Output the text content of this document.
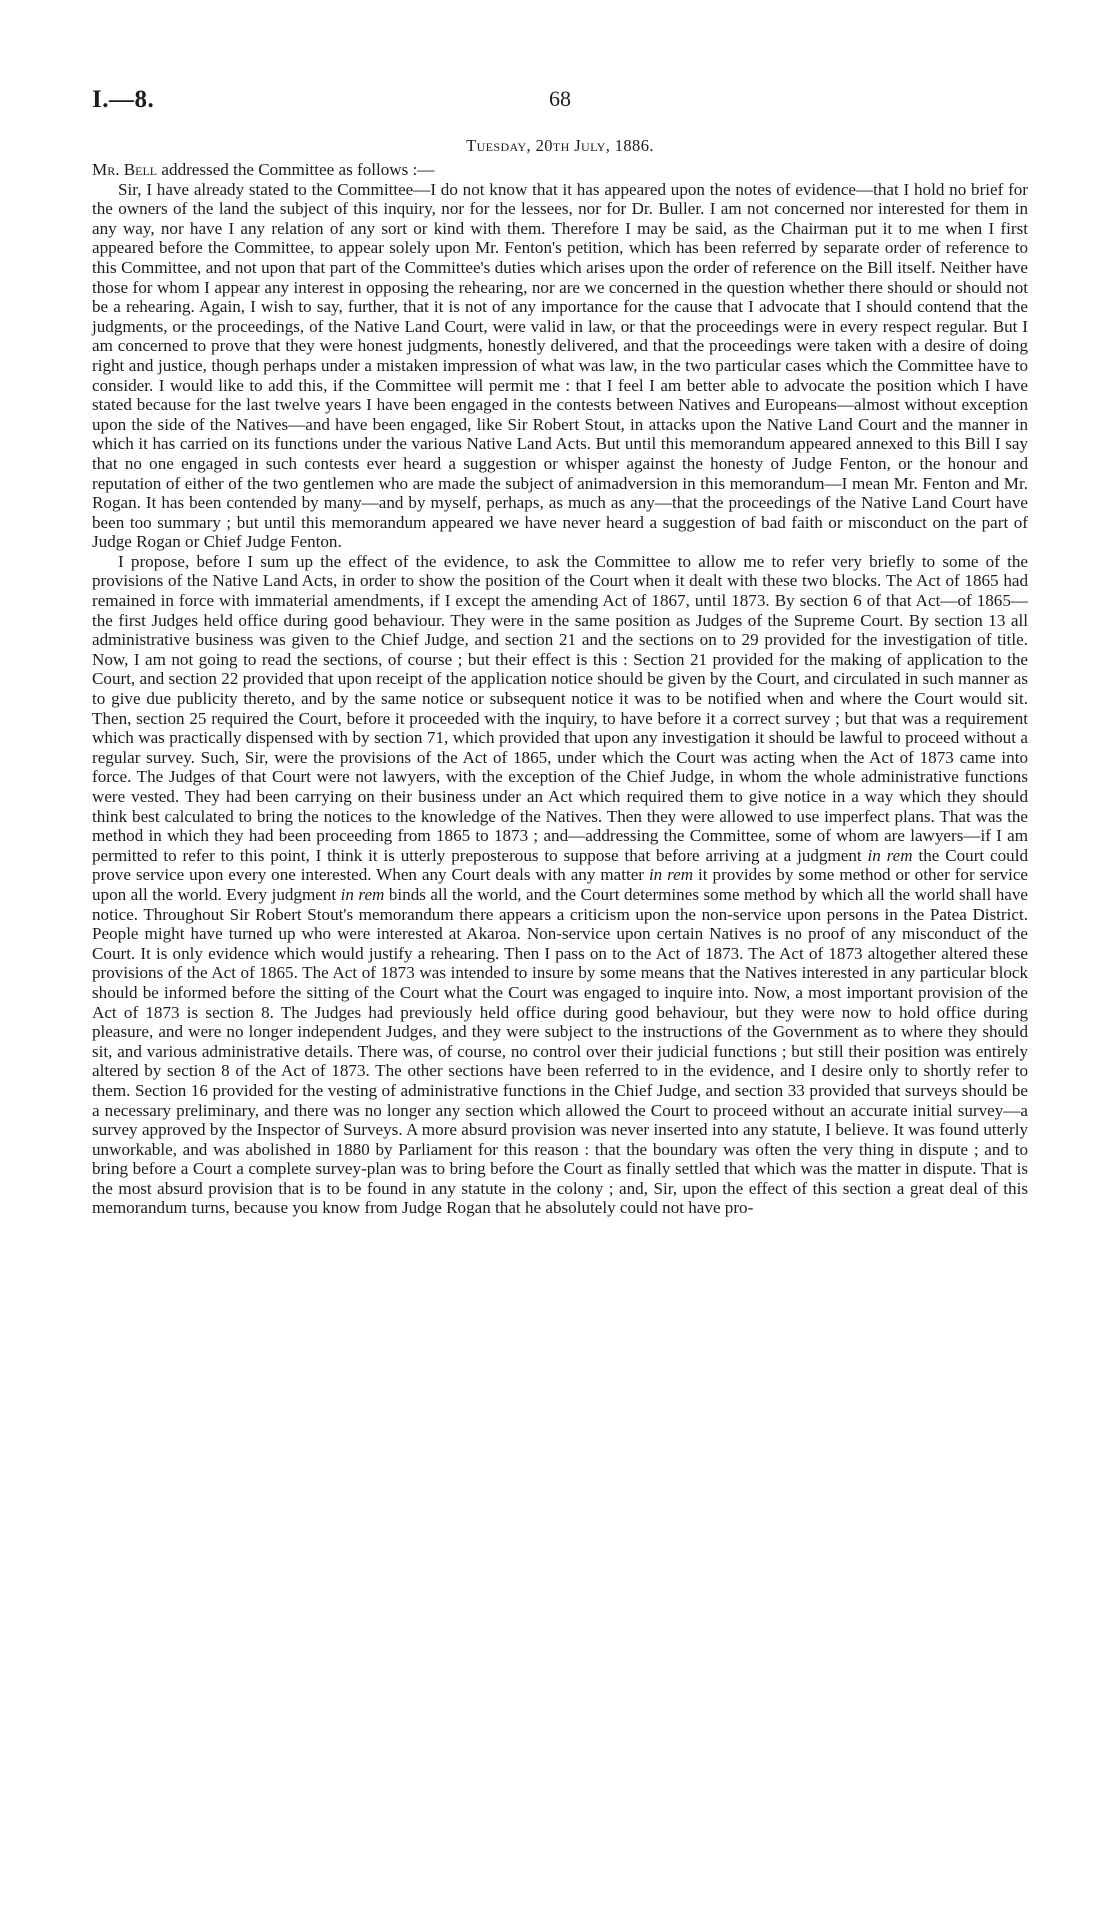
I.—8.	68
Tuesday, 20th July, 1886.

Mr. Bell addressed the Committee as follows :—

Sir, I have already stated to the Committee—I do not know that it has appeared upon the notes of evidence—that I hold no brief for the owners of the land the subject of this inquiry, nor for the lessees, nor for Dr. Buller. I am not concerned nor interested for them in any way, nor have I any relation of any sort or kind with them. Therefore I may be said, as the Chairman put it to me when I first appeared before the Committee, to appear solely upon Mr. Fenton's petition, which has been referred by separate order of reference to this Committee, and not upon that part of the Committee's duties which arises upon the order of reference on the Bill itself. Neither have those for whom I appear any interest in opposing the rehearing, nor are we concerned in the question whether there should or should not be a rehearing. Again, I wish to say, further, that it is not of any importance for the cause that I advocate that I should contend that the judgments, or the proceedings, of the Native Land Court, were valid in law, or that the proceedings were in every respect regular. But I am concerned to prove that they were honest judgments, honestly delivered, and that the proceedings were taken with a desire of doing right and justice, though perhaps under a mistaken impression of what was law, in the two particular cases which the Committee have to consider. I would like to add this, if the Committee will permit me : that I feel I am better able to advocate the position which I have stated because for the last twelve years I have been engaged in the contests between Natives and Europeans—almost without exception upon the side of the Natives—and have been engaged, like Sir Robert Stout, in attacks upon the Native Land Court and the manner in which it has carried on its functions under the various Native Land Acts. But until this memorandum appeared annexed to this Bill I say that no one engaged in such contests ever heard a suggestion or whisper against the honesty of Judge Fenton, or the honour and reputation of either of the two gentlemen who are made the subject of animadversion in this memorandum—I mean Mr. Fenton and Mr. Rogan. It has been contended by many—and by myself, perhaps, as much as any—that the proceedings of the Native Land Court have been too summary ; but until this memorandum appeared we have never heard a suggestion of bad faith or misconduct on the part of Judge Rogan or Chief Judge Fenton.

I propose, before I sum up the effect of the evidence, to ask the Committee to allow me to refer very briefly to some of the provisions of the Native Land Acts, in order to show the position of the Court when it dealt with these two blocks. The Act of 1865 had remained in force with immaterial amendments, if I except the amending Act of 1867, until 1873. By section 6 of that Act—of 1865—the first Judges held office during good behaviour. They were in the same position as Judges of the Supreme Court. By section 13 all administrative business was given to the Chief Judge, and section 21 and the sections on to 29 provided for the investigation of title. Now, I am not going to read the sections, of course ; but their effect is this : Section 21 provided for the making of application to the Court, and section 22 provided that upon receipt of the application notice should be given by the Court, and circulated in such manner as to give due publicity thereto, and by the same notice or subsequent notice it was to be notified when and where the Court would sit. Then, section 25 required the Court, before it proceeded with the inquiry, to have before it a correct survey ; but that was a requirement which was practically dispensed with by section 71, which provided that upon any investigation it should be lawful to proceed without a regular survey. Such, Sir, were the provisions of the Act of 1865, under which the Court was acting when the Act of 1873 came into force. The Judges of that Court were not lawyers, with the exception of the Chief Judge, in whom the whole administrative functions were vested. They had been carrying on their business under an Act which required them to give notice in a way which they should think best calculated to bring the notices to the knowledge of the Natives. Then they were allowed to use imperfect plans. That was the method in which they had been proceeding from 1865 to 1873 ; and—addressing the Committee, some of whom are lawyers—if I am permitted to refer to this point, I think it is utterly preposterous to suppose that before arriving at a judgment in rem the Court could prove service upon every one interested. When any Court deals with any matter in rem it provides by some method or other for service upon all the world. Every judgment in rem binds all the world, and the Court determines some method by which all the world shall have notice. Throughout Sir Robert Stout's memorandum there appears a criticism upon the non-service upon persons in the Patea District. People might have turned up who were interested at Akaroa. Non-service upon certain Natives is no proof of any misconduct of the Court. It is only evidence which would justify a rehearing. Then I pass on to the Act of 1873. The Act of 1873 altogether altered these provisions of the Act of 1865. The Act of 1873 was intended to insure by some means that the Natives interested in any particular block should be informed before the sitting of the Court what the Court was engaged to inquire into. Now, a most important provision of the Act of 1873 is section 8. The Judges had previously held office during good behaviour, but they were now to hold office during pleasure, and were no longer independent Judges, and they were subject to the instructions of the Government as to where they should sit, and various administrative details. There was, of course, no control over their judicial functions ; but still their position was entirely altered by section 8 of the Act of 1873. The other sections have been referred to in the evidence, and I desire only to shortly refer to them. Section 16 provided for the vesting of administrative functions in the Chief Judge, and section 33 provided that surveys should be a necessary preliminary, and there was no longer any section which allowed the Court to proceed without an accurate initial survey—a survey approved by the Inspector of Surveys. A more absurd provision was never inserted into any statute, I believe. It was found utterly unworkable, and was abolished in 1880 by Parliament for this reason : that the boundary was often the very thing in dispute ; and to bring before a Court a complete survey-plan was to bring before the Court as finally settled that which was the matter in dispute. That is the most absurd provision that is to be found in any statute in the colony ; and, Sir, upon the effect of this section a great deal of this memorandum turns, because you know from Judge Rogan that he absolutely could not have pro-
